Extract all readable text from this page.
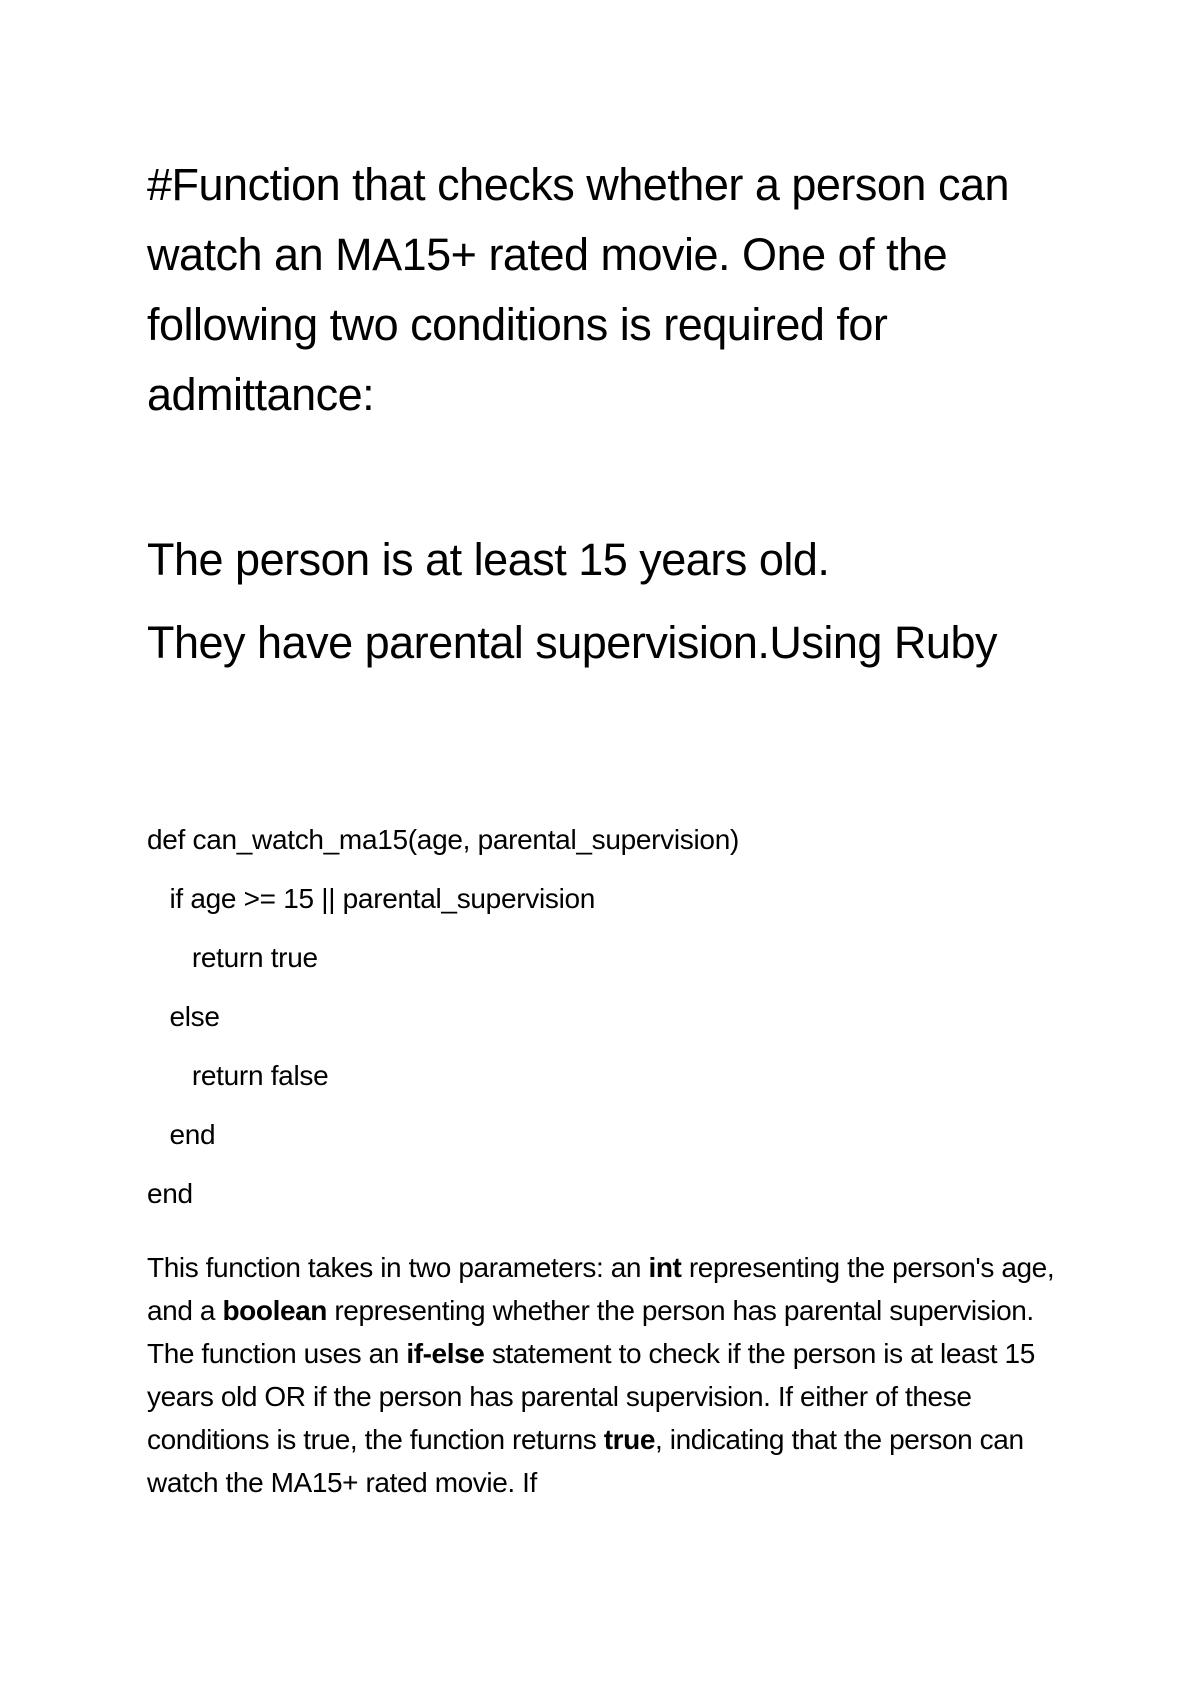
#Function that checks whether a person can watch an MA15+ rated movie. One of the following two conditions is required for admittance:
The person is at least 15 years old.
They have parental supervision.Using Ruby
def can_watch_ma15(age, parental_supervision)
if age >= 15 || parental_supervision
return true
else
return false
end
end
This function takes in two parameters: an int representing the person's age, and a boolean representing whether the person has parental supervision. The function uses an if-else statement to check if the person is at least 15 years old OR if the person has parental supervision. If either of these conditions is true, the function returns true, indicating that the person can watch the MA15+ rated movie. If
